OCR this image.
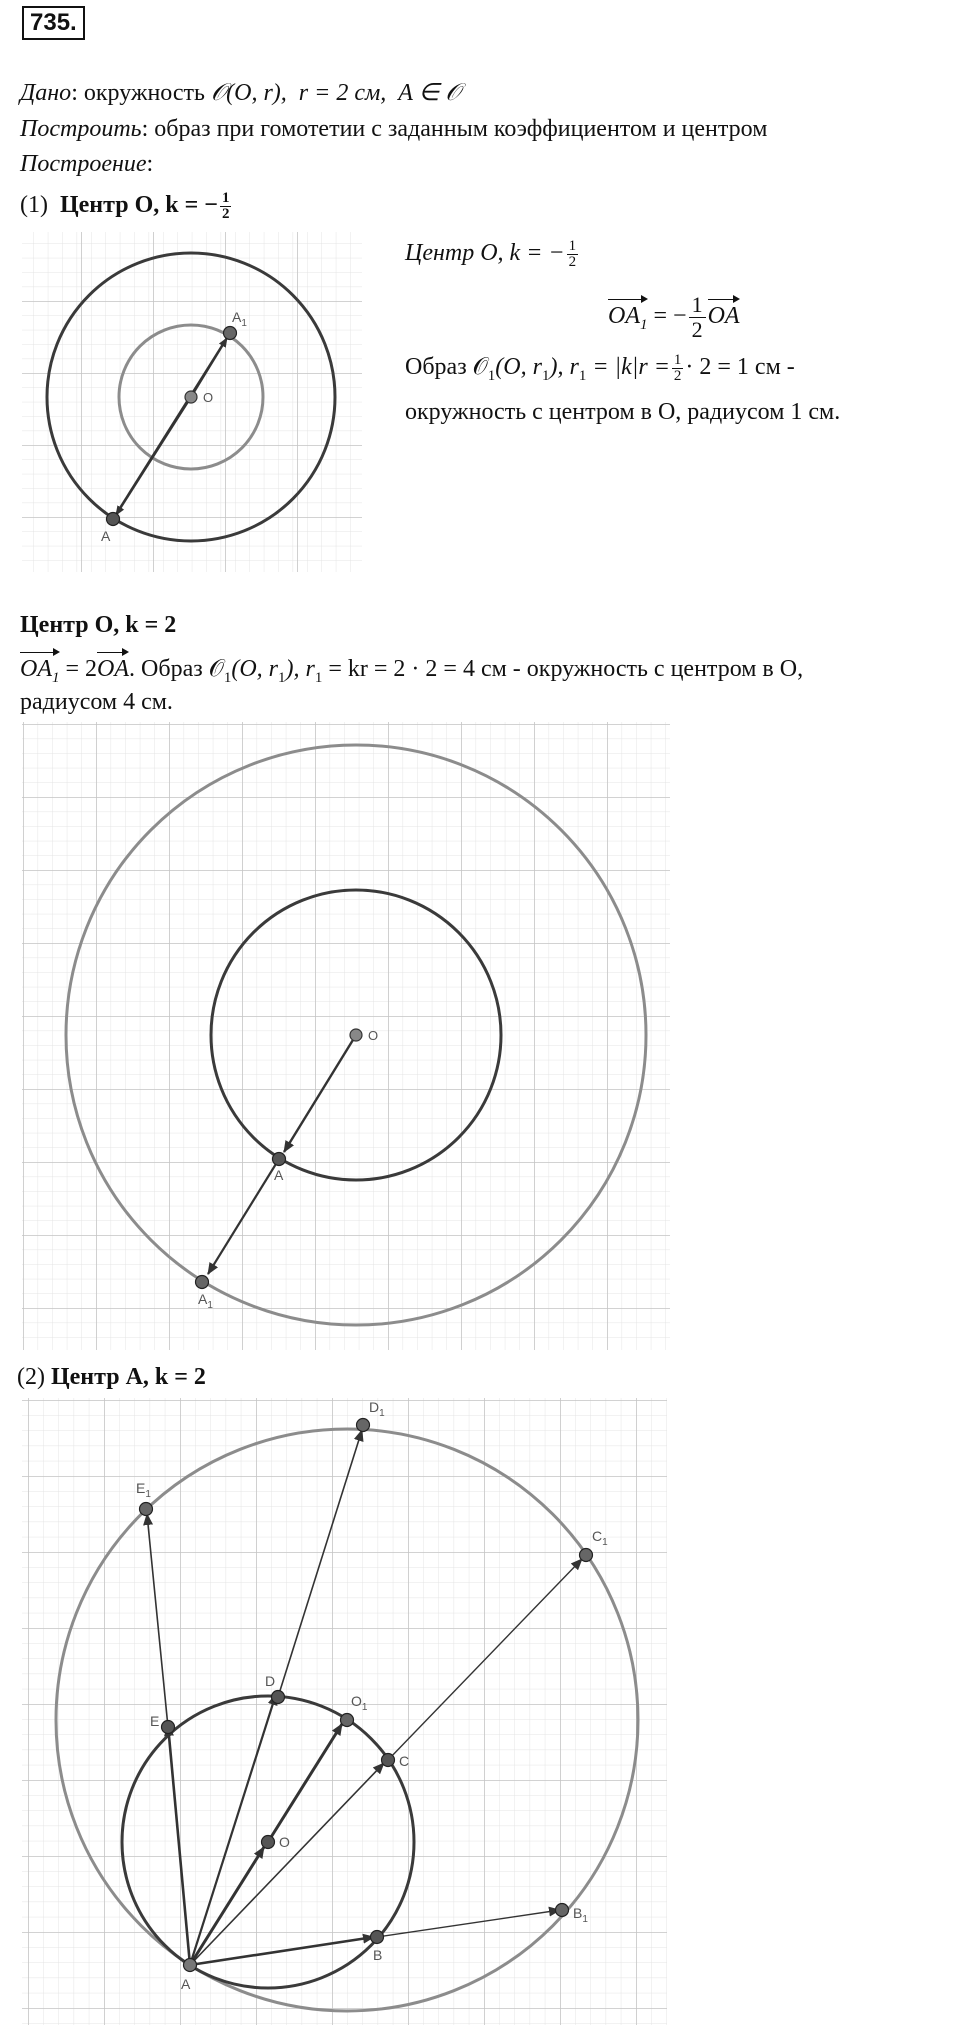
735.
Дано: окружность 𝒪(O, r), r = 2 см, A ∈ 𝒪
Построить: образ при гомотетии с заданным коэффициентом и центром
Построение:
(1) Центр O, k = − $\frac{1}{2}$
O
$A_1$
A
Центр O, k = − $\frac{1}{2}$
$OA_1$ = − $\frac{1}{2}$ OA
Образ 𝒪$_1$(O, $r_1$), $r_1 = |k|r = \frac{1}{2} \cdot 2 = 1$ см -
окружность с центром в O, радиусом 1 см.
Центр O, k = 2
$OA_1 = 2OA$. Образ 𝒪$_1$(O, $r_1$), $r_1$ = kr = 2 · 2 = 4 см - окружность с центром в O,
радиусом 4 см.
O
A
$A_1$
(2) Центр A, k = 2
A
B
C
D
E
O
$O_1$
$B_1$
$C_1$
$D_1$
$E_1$
